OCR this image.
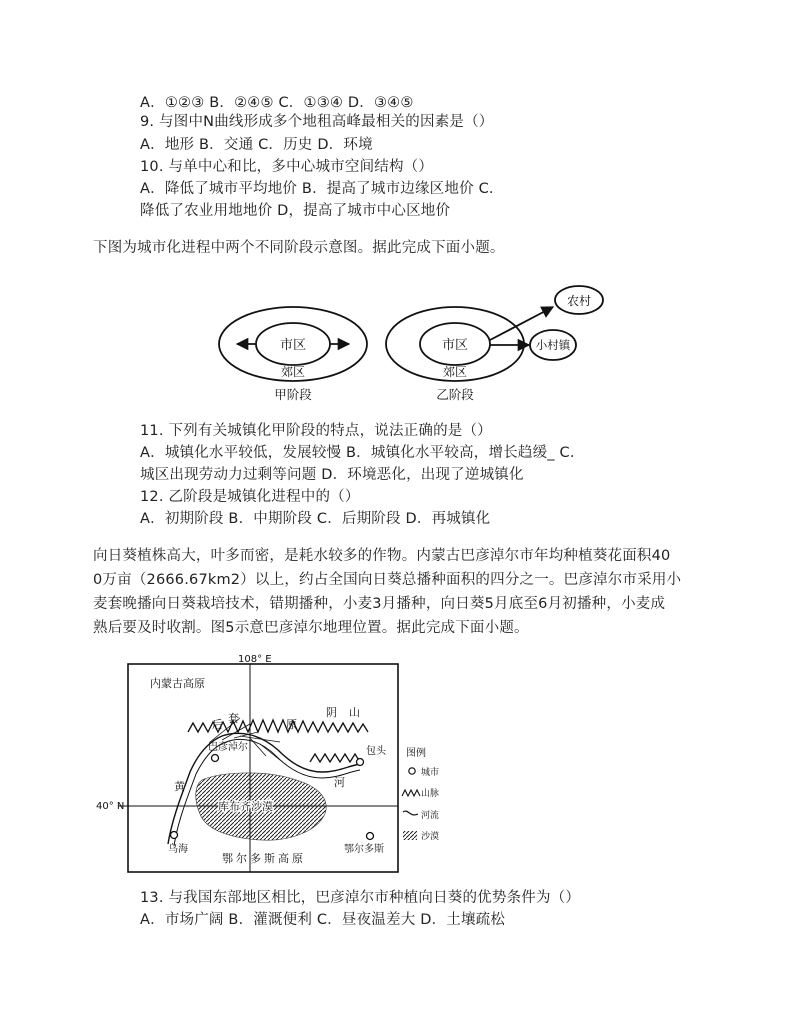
A．①②③ B．②④⑤ C．①③④ D．③④⑤
9. 与图中N曲线形成多个地租高峰最相关的因素是（）
A．地形 B．交通 C．历史 D．环境
10. 与单中心和比，多中心城市空间结构（）
A．降低了城市平均地价 B．提高了城市边缘区地价 C．
降低了农业用地地价 D，提高了城市中心区地价
下图为城市化进程中两个不同阶段示意图。据此完成下面小题。
市区
郊区
甲阶段
市区
郊区
乙阶段
农村
小村镇
11. 下列有关城镇化甲阶段的特点，说法正确的是（）
A．城镇化水平较低，发展较慢 B．城镇化水平较高，增长趋缓_ C．
城区出现劳动力过剩等问题 D．环境恶化，出现了逆城镇化
12. 乙阶段是城镇化进程中的（）
A．初期阶段 B．中期阶段 C．后期阶段 D．再城镇化
向日葵植株高大，叶多而密，是耗水较多的作物。内蒙古巴彦淖尔市年均种植葵花面积40
0万亩（2666.67km2）以上，约占全国向日葵总播种面积的四分之一。巴彦淖尔市采用小
麦套晚播向日葵栽培技术，错期播种，小麦3月播种，向日葵5月底至6月初播种，小麦成
熟后要及时收割。图5示意巴彦淖尔地理位置。据此完成下面小题。
108° E
40° N
内蒙古高原
阴山
后 套	原
巴彦淖尔
黄	河
库布齐沙漠
包头
乌海
鄂尔多斯高原
鄂尔多斯
图例
城市
山脉
河流
沙漠
13. 与我国东部地区相比，巴彦淖尔市种植向日葵的优势条件为（）
A．市场广阔 B．灌溉便利 C．昼夜温差大 D．土壤疏松
